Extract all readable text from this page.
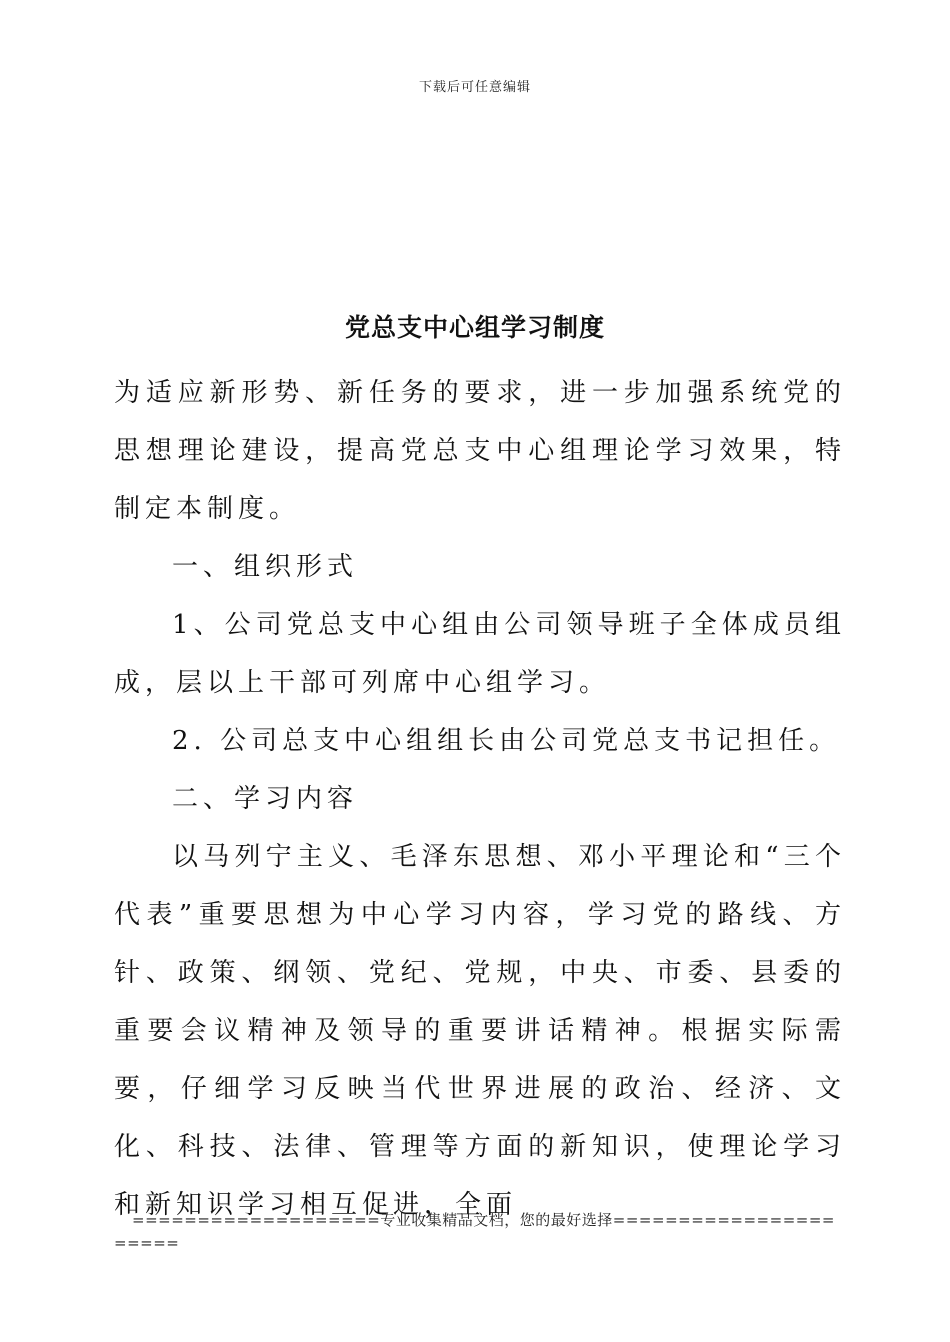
下载后可任意编辑
党总支中心组学习制度

为适应新形势、新任务的要求，进一步加强系统党的思想理论建设，提高党总支中心组理论学习效果，特制定本制度。

一、组织形式

1、公司党总支中心组由公司领导班子全体成员组成，层以上干部可列席中心组学习。

2. 公司总支中心组组长由公司党总支书记担任。

二、学习内容

以马列宁主义、毛泽东思想、邓小平理论和“三个代表”重要思想为中心学习内容，学习党的路线、方针、政策、纲领、党纪、党规，中央、市委、县委的重要会议精神及领导的重要讲话精神。根据实际需要，仔细学习反映当代世界进展的政治、经济、文化、科技、法律、管理等方面的新知识，使理论学习和新知识学习相互促进，全面

===================专业收集精品文档，您的最好选择======================
